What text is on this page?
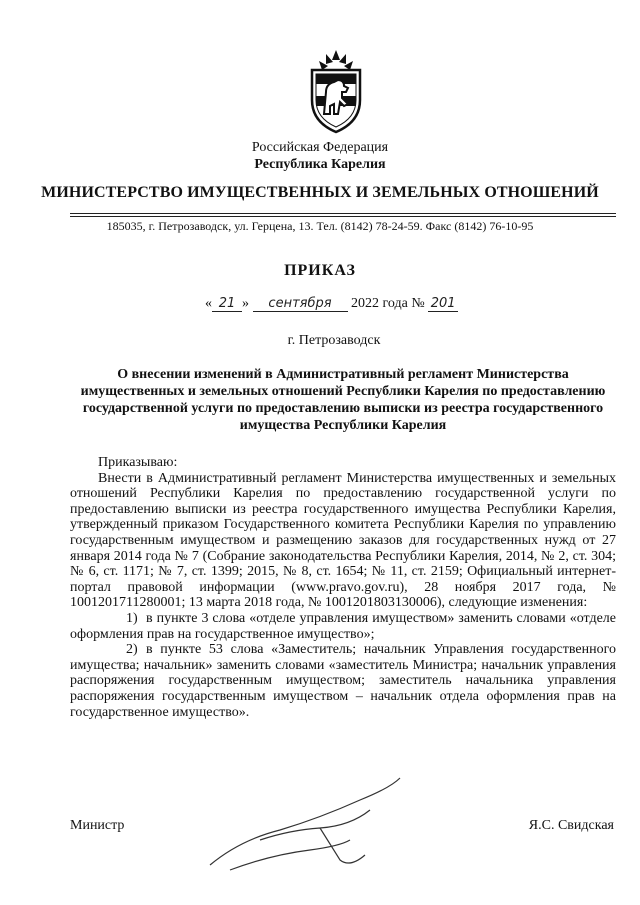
Российская Федерация
Республика Карелия
МИНИСТЕРСТВО ИМУЩЕСТВЕННЫХ И ЗЕМЕЛЬНЫХ ОТНОШЕНИЙ
185035, г. Петрозаводск, ул. Герцена, 13. Тел. (8142) 78-24-59. Факс (8142) 76-10-95
ПРИКАЗ
« 21 » сентября 2022 года № 201
г. Петрозаводск
О внесении изменений в Административный регламент Министерства имущественных и земельных отношений Республики Карелия по предоставлению государственной услуги по предоставлению выписки из реестра государственного имущества Республики Карелия

Приказываю:

Внести в Административный регламент Министерства имущественных и земельных отношений Республики Карелия по предоставлению государственной услуги по предоставлению выписки из реестра государственного имущества Республики Карелия, утвержденный приказом Государственного комитета Республики Карелия по управлению государственным имуществом и размещению заказов для государственных нужд от 27 января 2014 года № 7 (Собрание законодательства Республики Карелия, 2014, № 2, ст. 304; № 6, ст. 1171; № 7, ст. 1399; 2015, № 8, ст. 1654; № 11, ст. 2159; Официальный интернет-портал правовой информации (www.pravo.gov.ru), 28 ноября 2017 года, № 1001201711280001; 13 марта 2018 года, № 1001201803130006), следующие изменения:

1) в пункте 3 слова «отделе управления имуществом» заменить словами «отделе оформления прав на государственное имущество»;

2) в пункте 53 слова «Заместитель; начальник Управления государственного имущества; начальник» заменить словами «заместитель Министра; начальник управления распоряжения государственным имуществом; заместитель начальника управления распоряжения государственным имуществом – начальник отдела оформления прав на государственное имущество».

Министр	Я.С. Свидская
